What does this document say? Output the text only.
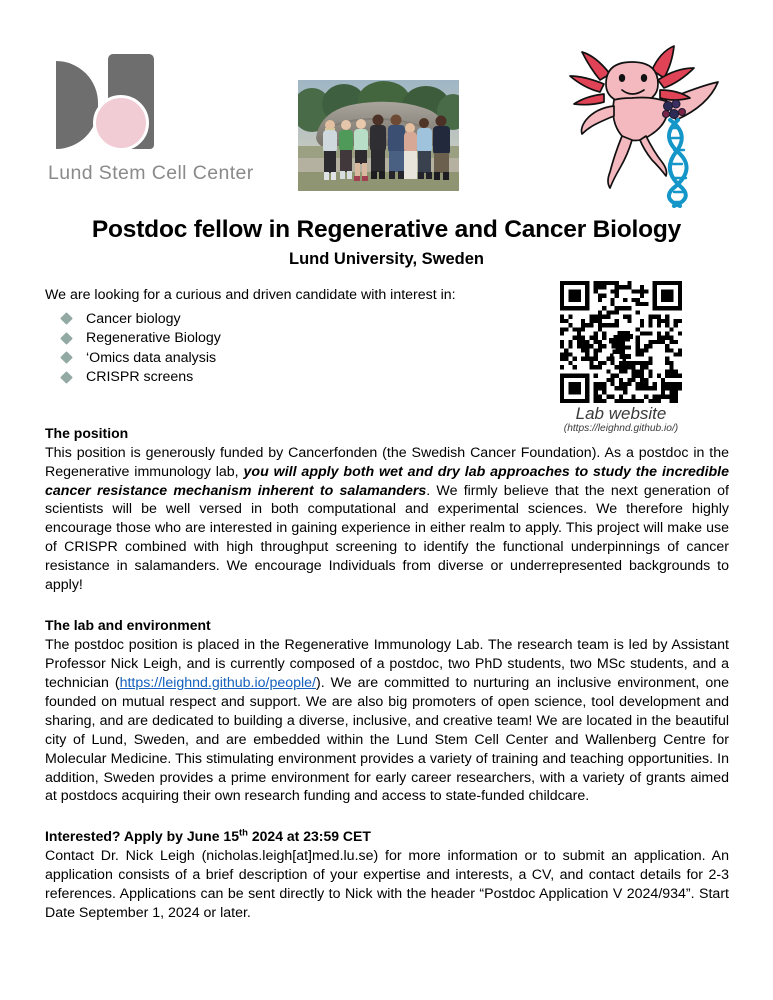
Lund Stem Cell Center
Postdoc fellow in Regenerative and Cancer Biology
Lund University, Sweden
We are looking for a curious and driven candidate with interest in:
Cancer biology
Regenerative Biology
‘Omics data analysis
CRISPR screens
Lab website
(https://leighnd.github.io/)
The position

This position is generously funded by Cancerfonden (the Swedish Cancer Foundation). As a postdoc in the Regenerative immunology lab, you will apply both wet and dry lab approaches to study the incredible cancer resistance mechanism inherent to salamanders. We firmly believe that the next generation of scientists will be well versed in both computational and experimental sciences. We therefore highly encourage those who are interested in gaining experience in either realm to apply. This project will make use of CRISPR combined with high throughput screening to identify the functional underpinnings of cancer resistance in salamanders. We encourage Individuals from diverse or underrepresented backgrounds to apply!

The lab and environment

The postdoc position is placed in the Regenerative Immunology Lab. The research team is led by Assistant Professor Nick Leigh, and is currently composed of a postdoc, two PhD students, two MSc students, and a technician (https://leighnd.github.io/people/). We are committed to nurturing an inclusive environment, one founded on mutual respect and support. We are also big promoters of open science, tool development and sharing, and are dedicated to building a diverse, inclusive, and creative team! We are located in the beautiful city of Lund, Sweden, and are embedded within the Lund Stem Cell Center and Wallenberg Centre for Molecular Medicine. This stimulating environment provides a variety of training and teaching opportunities. In addition, Sweden provides a prime environment for early career researchers, with a variety of grants aimed at postdocs acquiring their own research funding and access to state-funded childcare.

Interested? Apply by June 15th 2024 at 23:59 CET

Contact Dr. Nick Leigh (nicholas.leigh[at]med.lu.se) for more information or to submit an application. An application consists of a brief description of your expertise and interests, a CV, and contact details for 2-3 references. Applications can be sent directly to Nick with the header “Postdoc Application V 2024/934”. Start Date September 1, 2024 or later.
